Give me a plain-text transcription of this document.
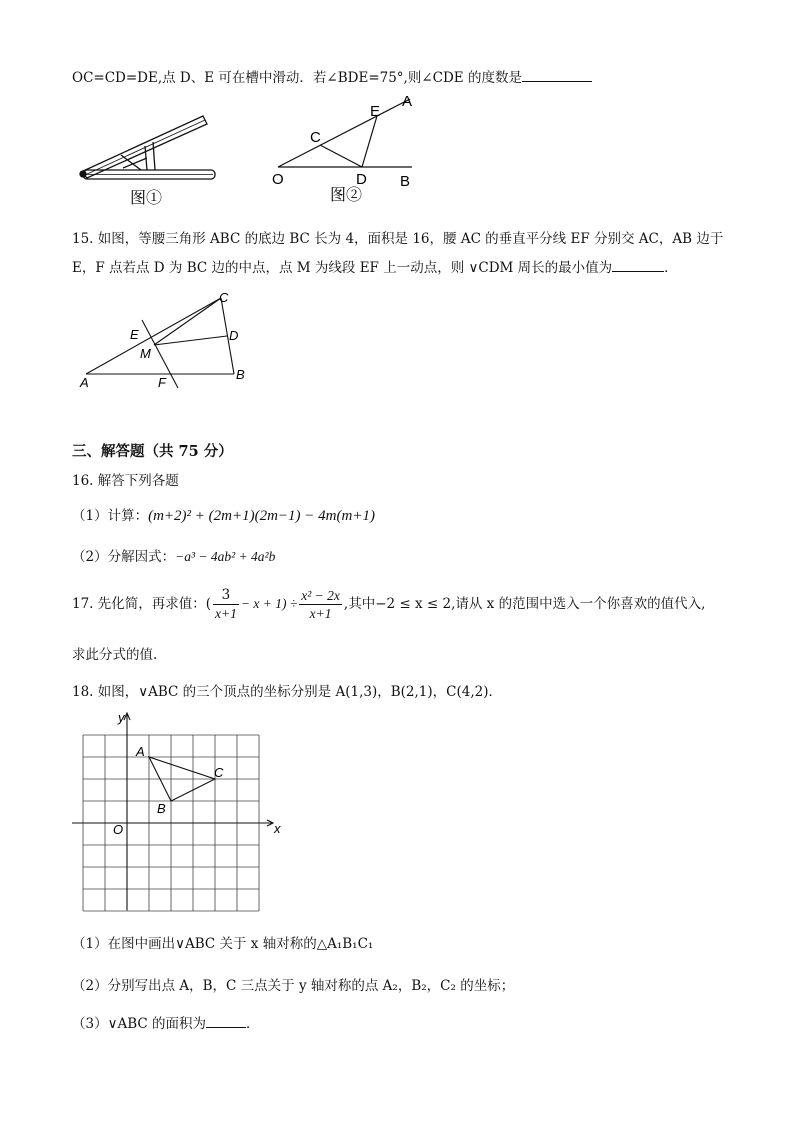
OC=CD=DE,点 D、E 可在槽中滑动．若∠BDE=75°,则∠CDE 的度数是
图①
O
C
D
E
A
B
图②
15. 如图，等腰三角形 ABC 的底边 BC 长为 4，面积是 16，腰 AC 的垂直平分线 EF 分别交 AC，AB 边于
E，F 点若点 D 为 BC 边的中点，点 M 为线段 EF 上一动点，则 ∨CDM 周长的最小值为	．
A
B
C
D
E
F
M
三、解答题（共 75 分）
16. 解答下列各题
（1）计算：(m+2)² + (2m+1)(2m−1) − 4m(m+1)
（2）分解因式：−a³ − 4ab² + 4a²b
17. 先化简，再求值：( $\frac{3}{x+1} - x + 1) \div \frac{\text{x² − 2x}}{x+1}$ ,其中−2 ≤ x ≤ 2,请从 x 的范围中选入一个你喜欢的值代入,
求此分式的值.
18. 如图，∨ABC 的三个顶点的坐标分别是 A(1,3)，B(2,1)，C(4,2)．
x
y
O
A
B
C
（1）在图中画出∨ABC 关于 x 轴对称的△A₁B₁C₁
（2）分别写出点 A，B，C 三点关于 y 轴对称的点 A₂，B₂，C₂ 的坐标；
（3）∨ABC 的面积为	．
